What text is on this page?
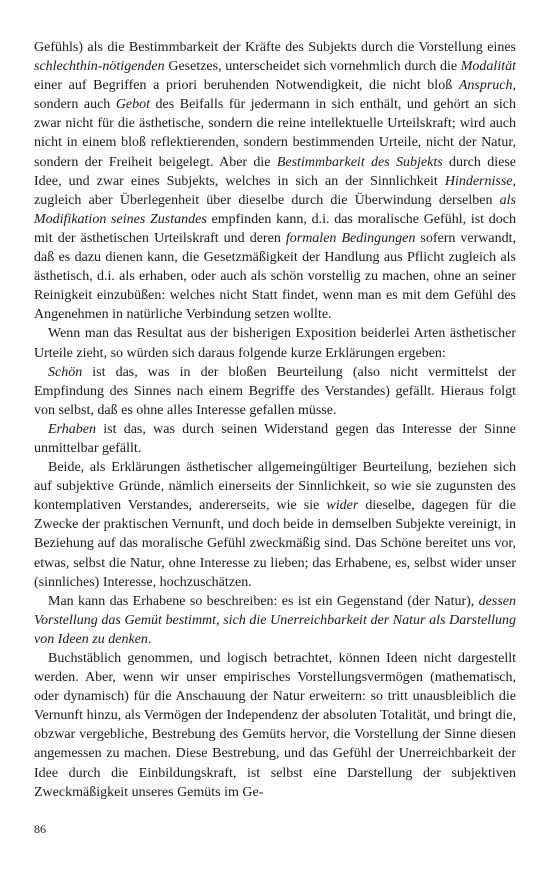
Gefühls) als die Bestimmbarkeit der Kräfte des Subjekts durch die Vorstellung eines schlechthin-nötigenden Gesetzes, unterscheidet sich vornehmlich durch die Modalität einer auf Begriffen a priori beruhenden Notwendigkeit, die nicht bloß Anspruch, sondern auch Gebot des Beifalls für jedermann in sich enthält, und gehört an sich zwar nicht für die ästhetische, sondern die reine intellektuelle Urteilskraft; wird auch nicht in einem bloß reflektierenden, sondern bestimmenden Urteile, nicht der Natur, sondern der Freiheit beigelegt. Aber die Bestimmbarkeit des Subjekts durch diese Idee, und zwar eines Subjekts, welches in sich an der Sinnlichkeit Hindernisse, zugleich aber Überlegenheit über dieselbe durch die Überwindung derselben als Modifikation seines Zustandes empfinden kann, d.i. das moralische Gefühl, ist doch mit der ästhetischen Urteilskraft und deren formalen Bedingungen sofern verwandt, daß es dazu dienen kann, die Gesetzmäßigkeit der Handlung aus Pflicht zugleich als ästhetisch, d.i. als erhaben, oder auch als schön vorstellig zu machen, ohne an seiner Reinigkeit einzubüßen: welches nicht Statt findet, wenn man es mit dem Gefühl des Angenehmen in natürliche Verbindung setzen wollte.

Wenn man das Resultat aus der bisherigen Exposition beiderlei Arten ästhetischer Urteile zieht, so würden sich daraus folgende kurze Erklärungen ergeben:

Schön ist das, was in der bloßen Beurteilung (also nicht vermittelst der Empfindung des Sinnes nach einem Begriffe des Verstandes) gefällt. Hieraus folgt von selbst, daß es ohne alles Interesse gefallen müsse.

Erhaben ist das, was durch seinen Widerstand gegen das Interesse der Sinne unmittelbar gefällt.

Beide, als Erklärungen ästhetischer allgemeingültiger Beurteilung, beziehen sich auf subjektive Gründe, nämlich einerseits der Sinnlichkeit, so wie sie zugunsten des kontemplativen Verstandes, andererseits, wie sie wider dieselbe, dagegen für die Zwecke der praktischen Vernunft, und doch beide in demselben Subjekte vereinigt, in Beziehung auf das moralische Gefühl zweckmäßig sind. Das Schöne bereitet uns vor, etwas, selbst die Natur, ohne Interesse zu lieben; das Erhabene, es, selbst wider unser (sinnliches) Interesse, hochzuschätzen.

Man kann das Erhabene so beschreiben: es ist ein Gegenstand (der Natur), dessen Vorstellung das Gemüt bestimmt, sich die Unerreichbarkeit der Natur als Darstellung von Ideen zu denken.

Buchstäblich genommen, und logisch betrachtet, können Ideen nicht dargestellt werden. Aber, wenn wir unser empirisches Vorstellungsvermögen (mathematisch, oder dynamisch) für die Anschauung der Natur erweitern: so tritt unausbleiblich die Vernunft hinzu, als Vermögen der Independenz der absoluten Totalität, und bringt die, obzwar vergebliche, Bestrebung des Gemüts hervor, die Vorstellung der Sinne diesen angemessen zu machen. Diese Bestrebung, und das Gefühl der Unerreichbarkeit der Idee durch die Einbildungskraft, ist selbst eine Darstellung der subjektiven Zweckmäßigkeit unseres Gemüts im Ge-

86
